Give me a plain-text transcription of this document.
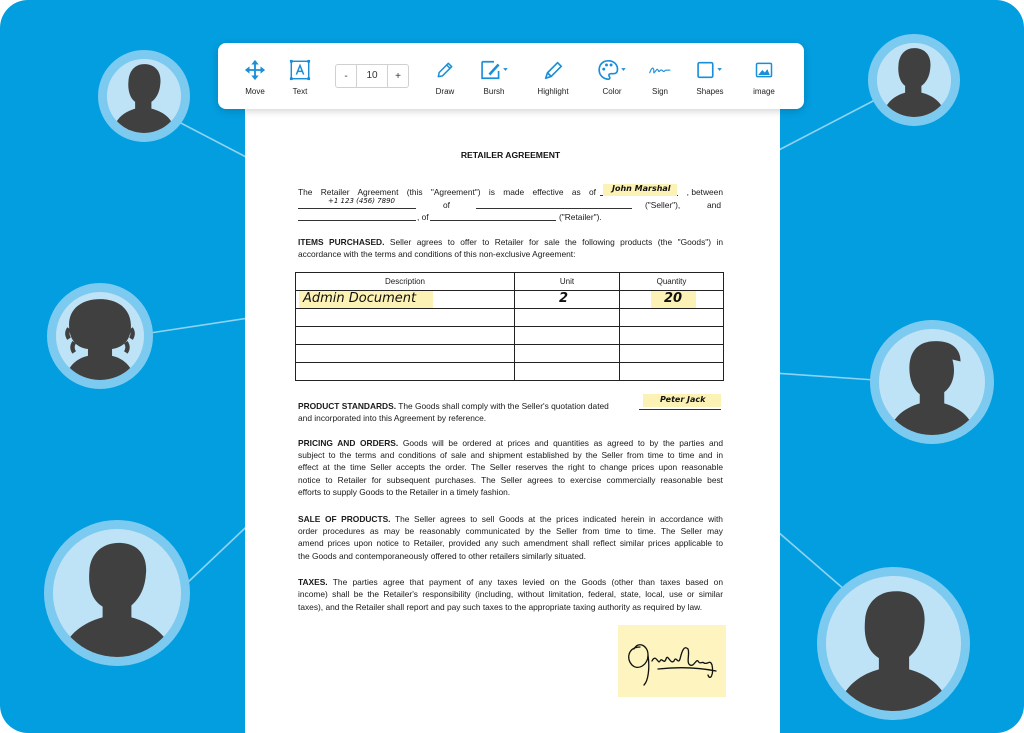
Move	Text
-	10	+
Draw	Bursh	Highlight	Color	Sign	Shapes	image
RETAILER AGREEMENT
The Retailer Agreement (this "Agreement") is made effective as of John Marshal	, between
+1 123 (456) 7890	of	("Seller"),	and
, of	("Retailer").
ITEMS PURCHASED. Seller agrees to offer to Retailer for sale the following products (the "Goods") in
accordance with the terms and conditions of this non-exclusive Agreement:
Description	Unit	Quantity

Admin Document	2	20
PRODUCT STANDARDS. The Goods shall comply with the Seller's quotation dated
Peter Jack
and incorporated into this Agreement by reference.
PRICING AND ORDERS. Goods will be ordered at prices and quantities as agreed to by the parties and
subject to the terms and conditions of sale and shipment established by the Seller from time to time and in
effect at the time Seller accepts the order. The Seller reserves the right to change prices upon reasonable
notice to Retailer for subsequent purchases. The Seller agrees to exercise commercially reasonable best
efforts to supply Goods to the Retailer in a timely fashion.
SALE OF PRODUCTS. The Seller agrees to sell Goods at the prices indicated herein in accordance with
order procedures as may be reasonably communicated by the Seller from time to time. The Seller may
amend prices upon notice to Retailer, provided any such amendment shall reflect similar prices applicable to
the Goods and contemporaneously offered to other retailers similarly situated.
TAXES. The parties agree that payment of any taxes levied on the Goods (other than taxes based on
income) shall be the Retailer's responsibility (including, without limitation, federal, state, local, use or similar
taxes), and the Retailer shall report and pay such taxes to the appropriate taxing authority as required by law.
